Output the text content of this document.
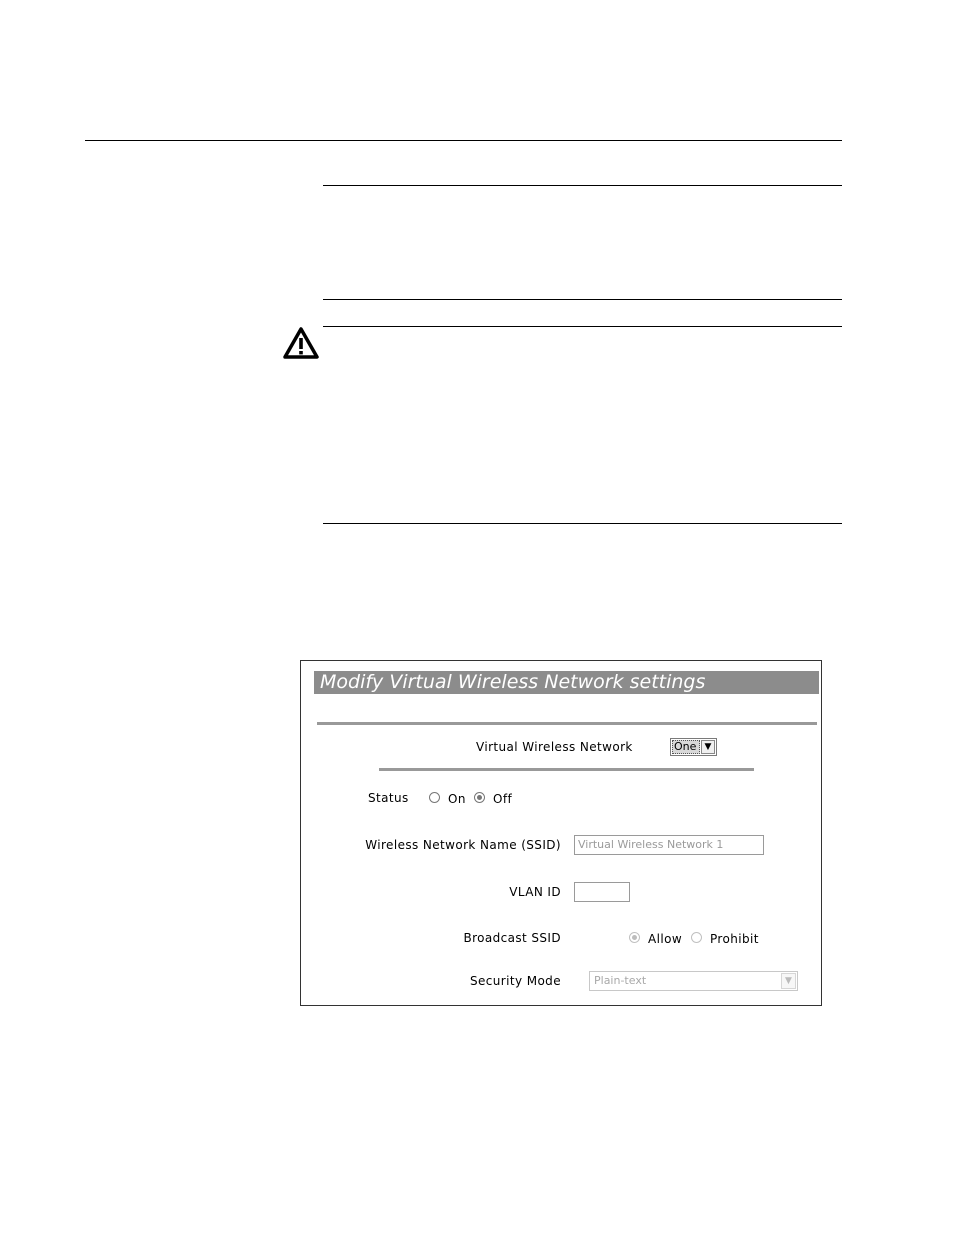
Modify Virtual Wireless Network settings
Virtual Wireless Network	One ▼
Status	On Off
Wireless Network Name (SSID)	Virtual Wireless Network 1
VLAN ID
Broadcast SSID	Allow Prohibit
Security Mode	Plain-text	▼
